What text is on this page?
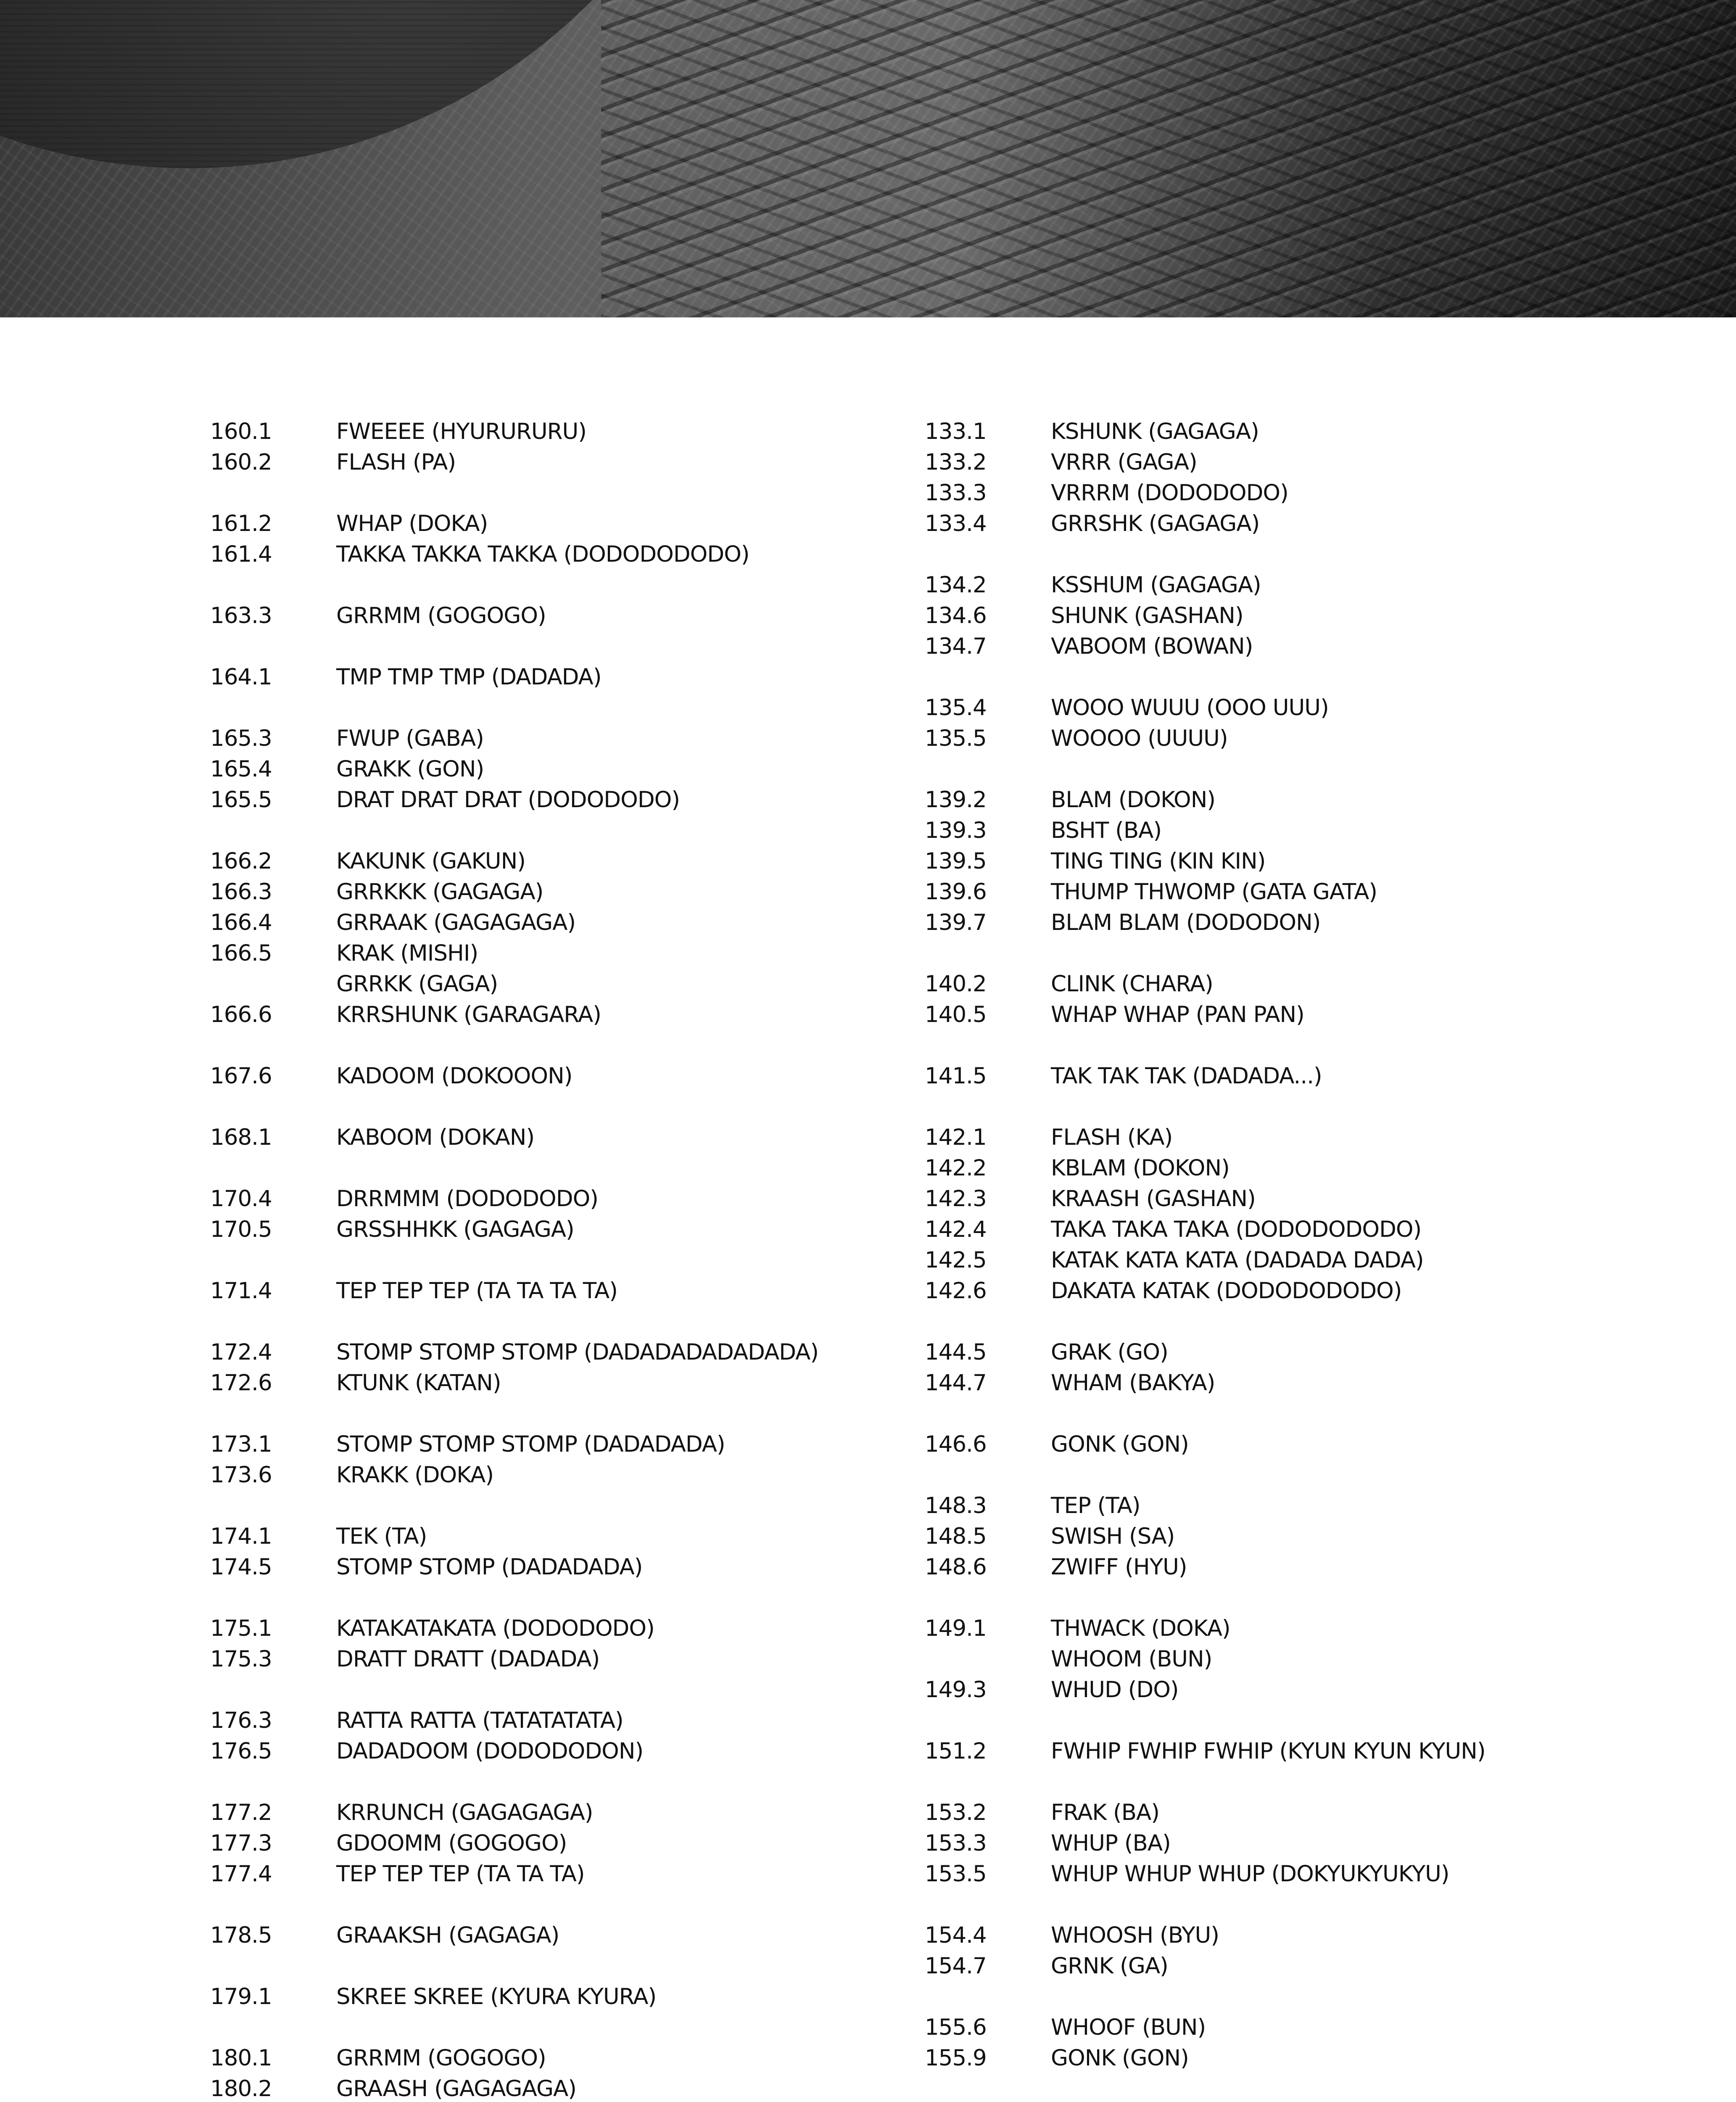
160.1	FWEEEE (HYURURURU)
160.2	FLASH (PA)
161.2	WHAP (DOKA)
161.4	TAKKA TAKKA TAKKA (DODODODODO)
163.3	GRRMM (GOGOGO)
164.1	TMP TMP TMP (DADADA)
165.3	FWUP (GABA)
165.4	GRAKK (GON)
165.5	DRAT DRAT DRAT (DODODODO)
166.2	KAKUNK (GAKUN)
166.3	GRRKKK (GAGAGA)
166.4	GRRAAK (GAGAGAGA)
166.5	KRAK (MISHI)
GRRKK (GAGA)
166.6	KRRSHUNK (GARAGARA)
167.6	KADOOM (DOKOOON)
168.1	KABOOM (DOKAN)
170.4	DRRMMM (DODODODO)
170.5	GRSSHHKK (GAGAGA)
171.4	TEP TEP TEP (TA TA TA TA)
172.4	STOMP STOMP STOMP (DADADADADADADA)
172.6	KTUNK (KATAN)
173.1	STOMP STOMP STOMP (DADADADA)
173.6	KRAKK (DOKA)
174.1	TEK (TA)
174.5	STOMP STOMP (DADADADA)
175.1	KATAKATAKATA (DODODODO)
175.3	DRATT DRATT (DADADA)
176.3	RATTA RATTA (TATATATATA)
176.5	DADADOOM (DODODODON)
177.2	KRRUNCH (GAGAGAGA)
177.3	GDOOMM (GOGOGO)
177.4	TEP TEP TEP (TA TA TA)
178.5	GRAAKSH (GAGAGA)
179.1	SKREE SKREE (KYURA KYURA)
180.1	GRRMM (GOGOGO)
180.2	GRAASH (GAGAGAGA)
133.1	KSHUNK (GAGAGA)
133.2	VRRR (GAGA)
133.3	VRRRM (DODODODO)
133.4	GRRSHK (GAGAGA)
134.2	KSSHUM (GAGAGA)
134.6	SHUNK (GASHAN)
134.7	VABOOM (BOWAN)
135.4	WOOO WUUU (OOO UUU)
135.5	WOOOO (UUUU)
139.2	BLAM (DOKON)
139.3	BSHT (BA)
139.5	TING TING (KIN KIN)
139.6	THUMP THWOMP (GATA GATA)
139.7	BLAM BLAM (DODODON)
140.2	CLINK (CHARA)
140.5	WHAP WHAP (PAN PAN)
141.5	TAK TAK TAK (DADADA...)
142.1	FLASH (KA)
142.2	KBLAM (DOKON)
142.3	KRAASH (GASHAN)
142.4	TAKA TAKA TAKA (DODODODODO)
142.5	KATAK KATA KATA (DADADA DADA)
142.6	DAKATA KATAK (DODODODODO)
144.5	GRAK (GO)
144.7	WHAM (BAKYA)
146.6	GONK (GON)
148.3	TEP (TA)
148.5	SWISH (SA)
148.6	ZWIFF (HYU)
149.1	THWACK (DOKA)
WHOOM (BUN)
149.3	WHUD (DO)
151.2	FWHIP FWHIP FWHIP (KYUN KYUN KYUN)
153.2	FRAK (BA)
153.3	WHUP (BA)
153.5	WHUP WHUP WHUP (DOKYUKYUKYU)
154.4	WHOOSH (BYU)
154.7	GRNK (GA)
155.6	WHOOF (BUN)
155.9	GONK (GON)
